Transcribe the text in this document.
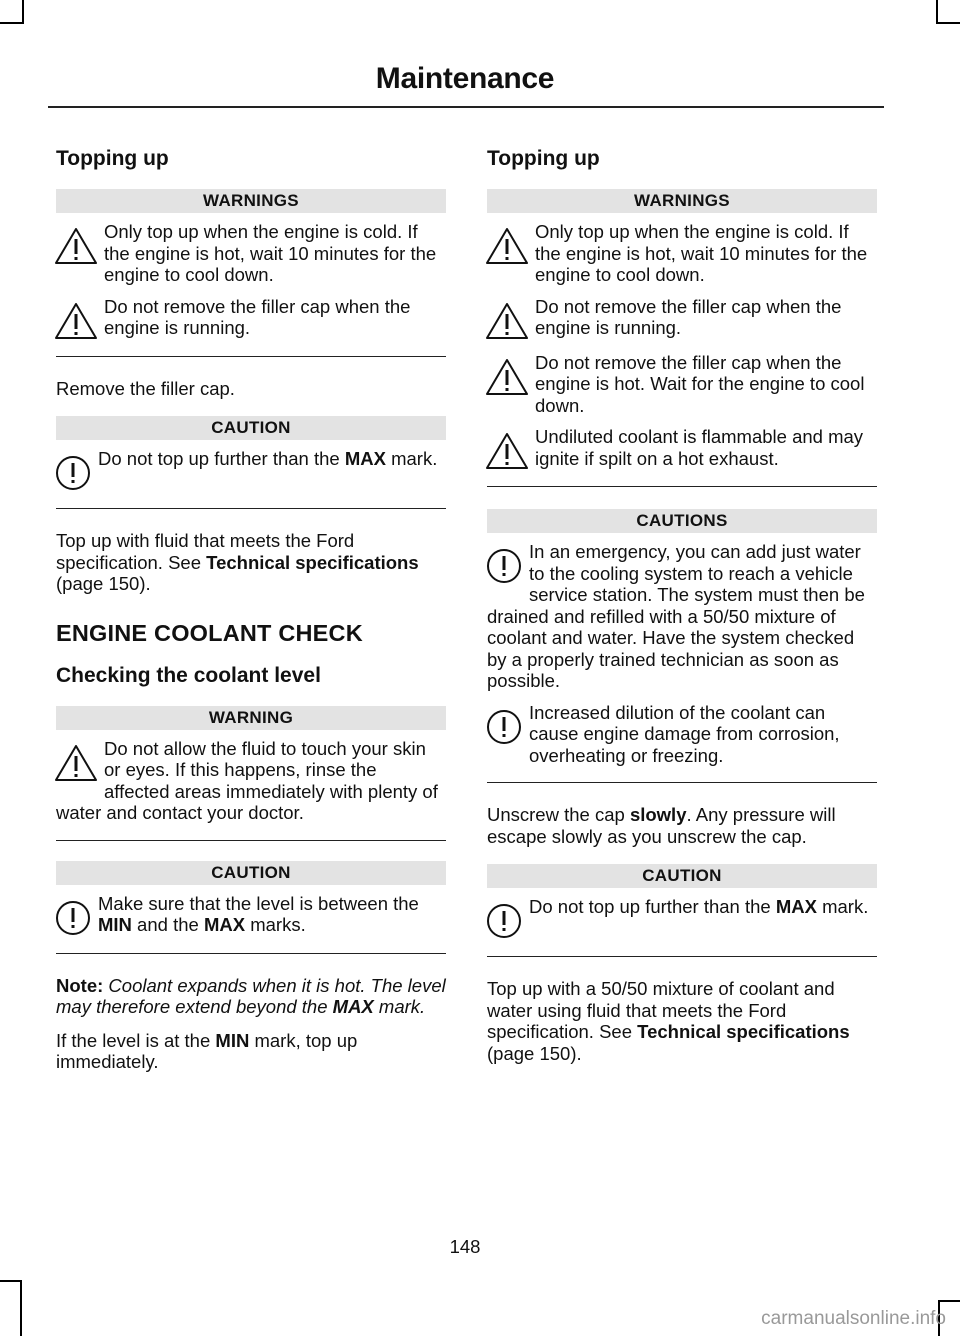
Maintenance
Topping up
WARNINGS
Only top up when the engine is cold. If the engine is hot, wait 10 minutes for the engine to cool down.
Do not remove the filler cap when the engine is running.

Remove the filler cap.

CAUTION
Do not top up further than the MAX mark.

Top up with fluid that meets the Ford specification. See Technical specifications (page 150).

ENGINE COOLANT CHECK
Checking the coolant level
WARNING
Do not allow the fluid to touch your skin or eyes. If this happens, rinse the affected areas immediately with plenty of water and contact your doctor.
CAUTION
Make sure that the level is between the MIN and the MAX marks.

Note: Coolant expands when it is hot. The level may therefore extend beyond the MAX mark.

If the level is at the MIN mark, top up immediately.

Topping up
WARNINGS
Only top up when the engine is cold. If the engine is hot, wait 10 minutes for the engine to cool down.
Do not remove the filler cap when the engine is running.
Do not remove the filler cap when the engine is hot. Wait for the engine to cool down.
Undiluted coolant is flammable and may ignite if spilt on a hot exhaust.
CAUTIONS
In an emergency, you can add just water to the cooling system to reach a vehicle service station. The system must then be drained and refilled with a 50/50 mixture of coolant and water. Have the system checked by a properly trained technician as soon as possible.
Increased dilution of the coolant can cause engine damage from corrosion, overheating or freezing.

Unscrew the cap slowly. Any pressure will escape slowly as you unscrew the cap.

CAUTION
Do not top up further than the MAX mark.

Top up with a 50/50 mixture of coolant and water using fluid that meets the Ford specification. See Technical specifications (page 150).

148
carmanualsonline.info
